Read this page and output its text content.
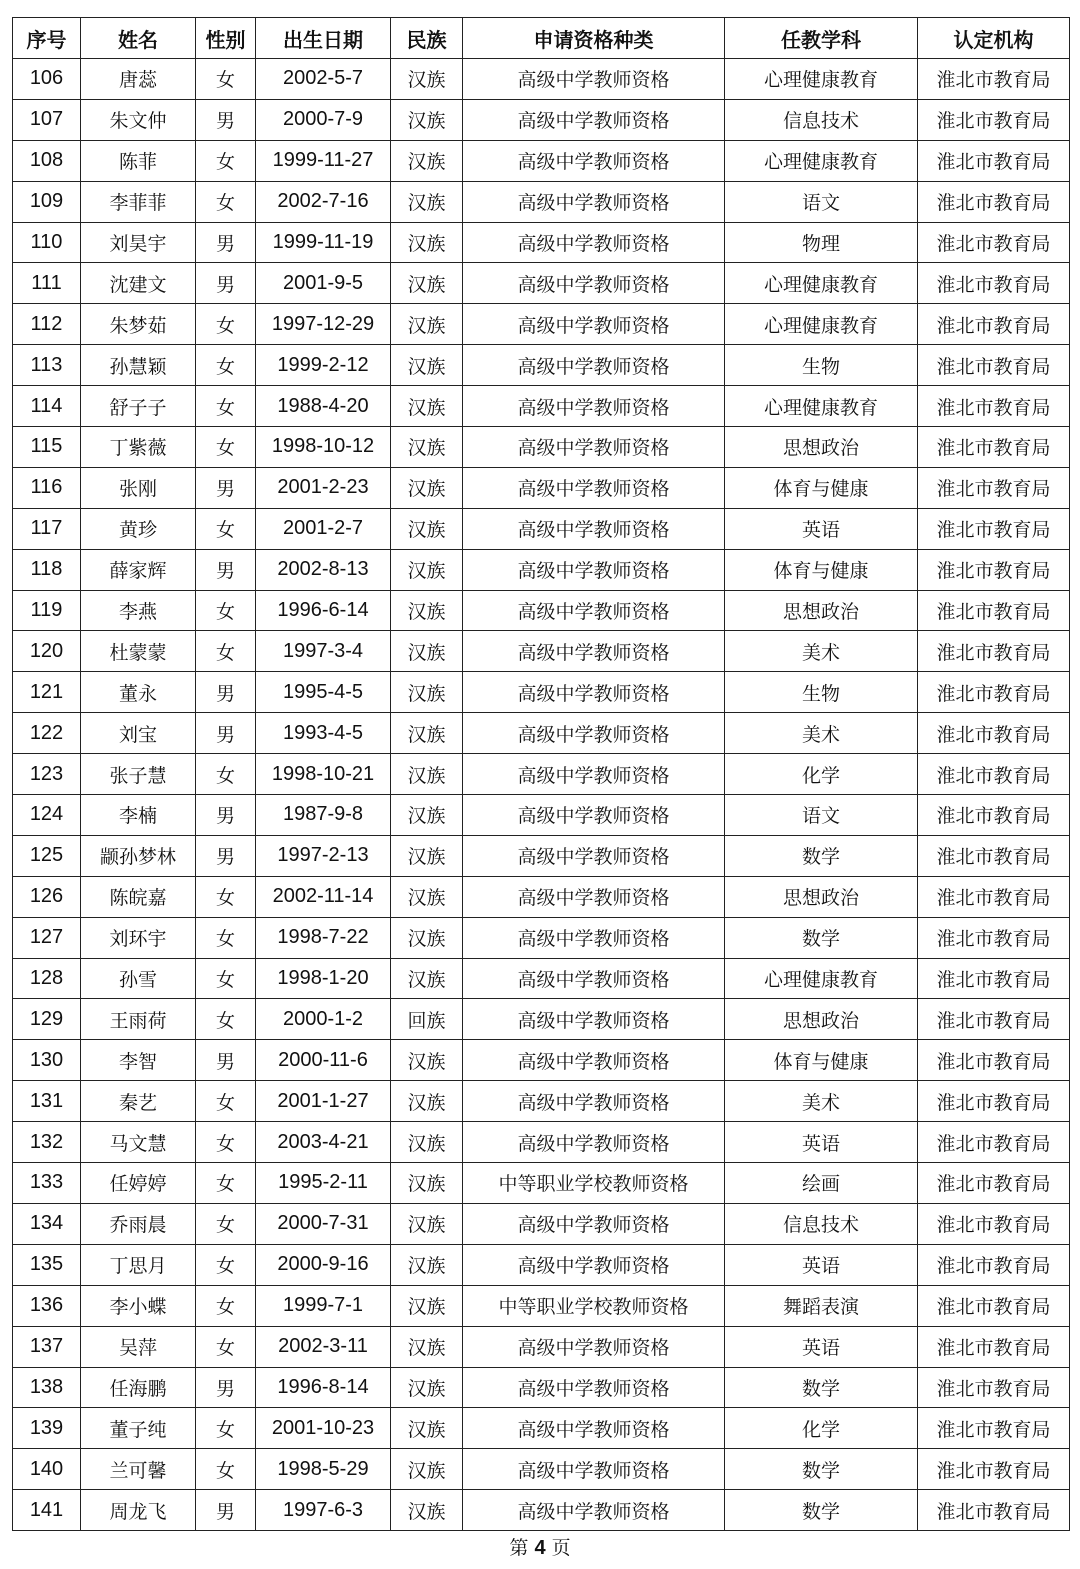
序号	姓名	性别	出生日期	民族	申请资格种类	任教学科	认定机构
106	唐蕊	女	2002-5-7	汉族	高级中学教师资格	心理健康教育	淮北市教育局
107	朱文仲	男	2000-7-9	汉族	高级中学教师资格	信息技术	淮北市教育局
108	陈菲	女	1999-11-27	汉族	高级中学教师资格	心理健康教育	淮北市教育局
109	李菲菲	女	2002-7-16	汉族	高级中学教师资格	语文	淮北市教育局
110	刘昊宇	男	1999-11-19	汉族	高级中学教师资格	物理	淮北市教育局
111	沈建文	男	2001-9-5	汉族	高级中学教师资格	心理健康教育	淮北市教育局
112	朱梦茹	女	1997-12-29	汉族	高级中学教师资格	心理健康教育	淮北市教育局
113	孙慧颖	女	1999-2-12	汉族	高级中学教师资格	生物	淮北市教育局
114	舒子子	女	1988-4-20	汉族	高级中学教师资格	心理健康教育	淮北市教育局
115	丁紫薇	女	1998-10-12	汉族	高级中学教师资格	思想政治	淮北市教育局
116	张刚	男	2001-2-23	汉族	高级中学教师资格	体育与健康	淮北市教育局
117	黄珍	女	2001-2-7	汉族	高级中学教师资格	英语	淮北市教育局
118	薛家辉	男	2002-8-13	汉族	高级中学教师资格	体育与健康	淮北市教育局
119	李燕	女	1996-6-14	汉族	高级中学教师资格	思想政治	淮北市教育局
120	杜蒙蒙	女	1997-3-4	汉族	高级中学教师资格	美术	淮北市教育局
121	董永	男	1995-4-5	汉族	高级中学教师资格	生物	淮北市教育局
122	刘宝	男	1993-4-5	汉族	高级中学教师资格	美术	淮北市教育局
123	张子慧	女	1998-10-21	汉族	高级中学教师资格	化学	淮北市教育局
124	李楠	男	1987-9-8	汉族	高级中学教师资格	语文	淮北市教育局
125	颛孙梦林	男	1997-2-13	汉族	高级中学教师资格	数学	淮北市教育局
126	陈皖嘉	女	2002-11-14	汉族	高级中学教师资格	思想政治	淮北市教育局
127	刘环宇	女	1998-7-22	汉族	高级中学教师资格	数学	淮北市教育局
128	孙雪	女	1998-1-20	汉族	高级中学教师资格	心理健康教育	淮北市教育局
129	王雨荷	女	2000-1-2	回族	高级中学教师资格	思想政治	淮北市教育局
130	李智	男	2000-11-6	汉族	高级中学教师资格	体育与健康	淮北市教育局
131	秦艺	女	2001-1-27	汉族	高级中学教师资格	美术	淮北市教育局
132	马文慧	女	2003-4-21	汉族	高级中学教师资格	英语	淮北市教育局
133	任婷婷	女	1995-2-11	汉族	中等职业学校教师资格	绘画	淮北市教育局
134	乔雨晨	女	2000-7-31	汉族	高级中学教师资格	信息技术	淮北市教育局
135	丁思月	女	2000-9-16	汉族	高级中学教师资格	英语	淮北市教育局
136	李小蝶	女	1999-7-1	汉族	中等职业学校教师资格	舞蹈表演	淮北市教育局
137	吴萍	女	2002-3-11	汉族	高级中学教师资格	英语	淮北市教育局
138	任海鹏	男	1996-8-14	汉族	高级中学教师资格	数学	淮北市教育局
139	董子纯	女	2001-10-23	汉族	高级中学教师资格	化学	淮北市教育局
140	兰可馨	女	1998-5-29	汉族	高级中学教师资格	数学	淮北市教育局
141	周龙飞	男	1997-6-3	汉族	高级中学教师资格	数学	淮北市教育局
第 4 页
